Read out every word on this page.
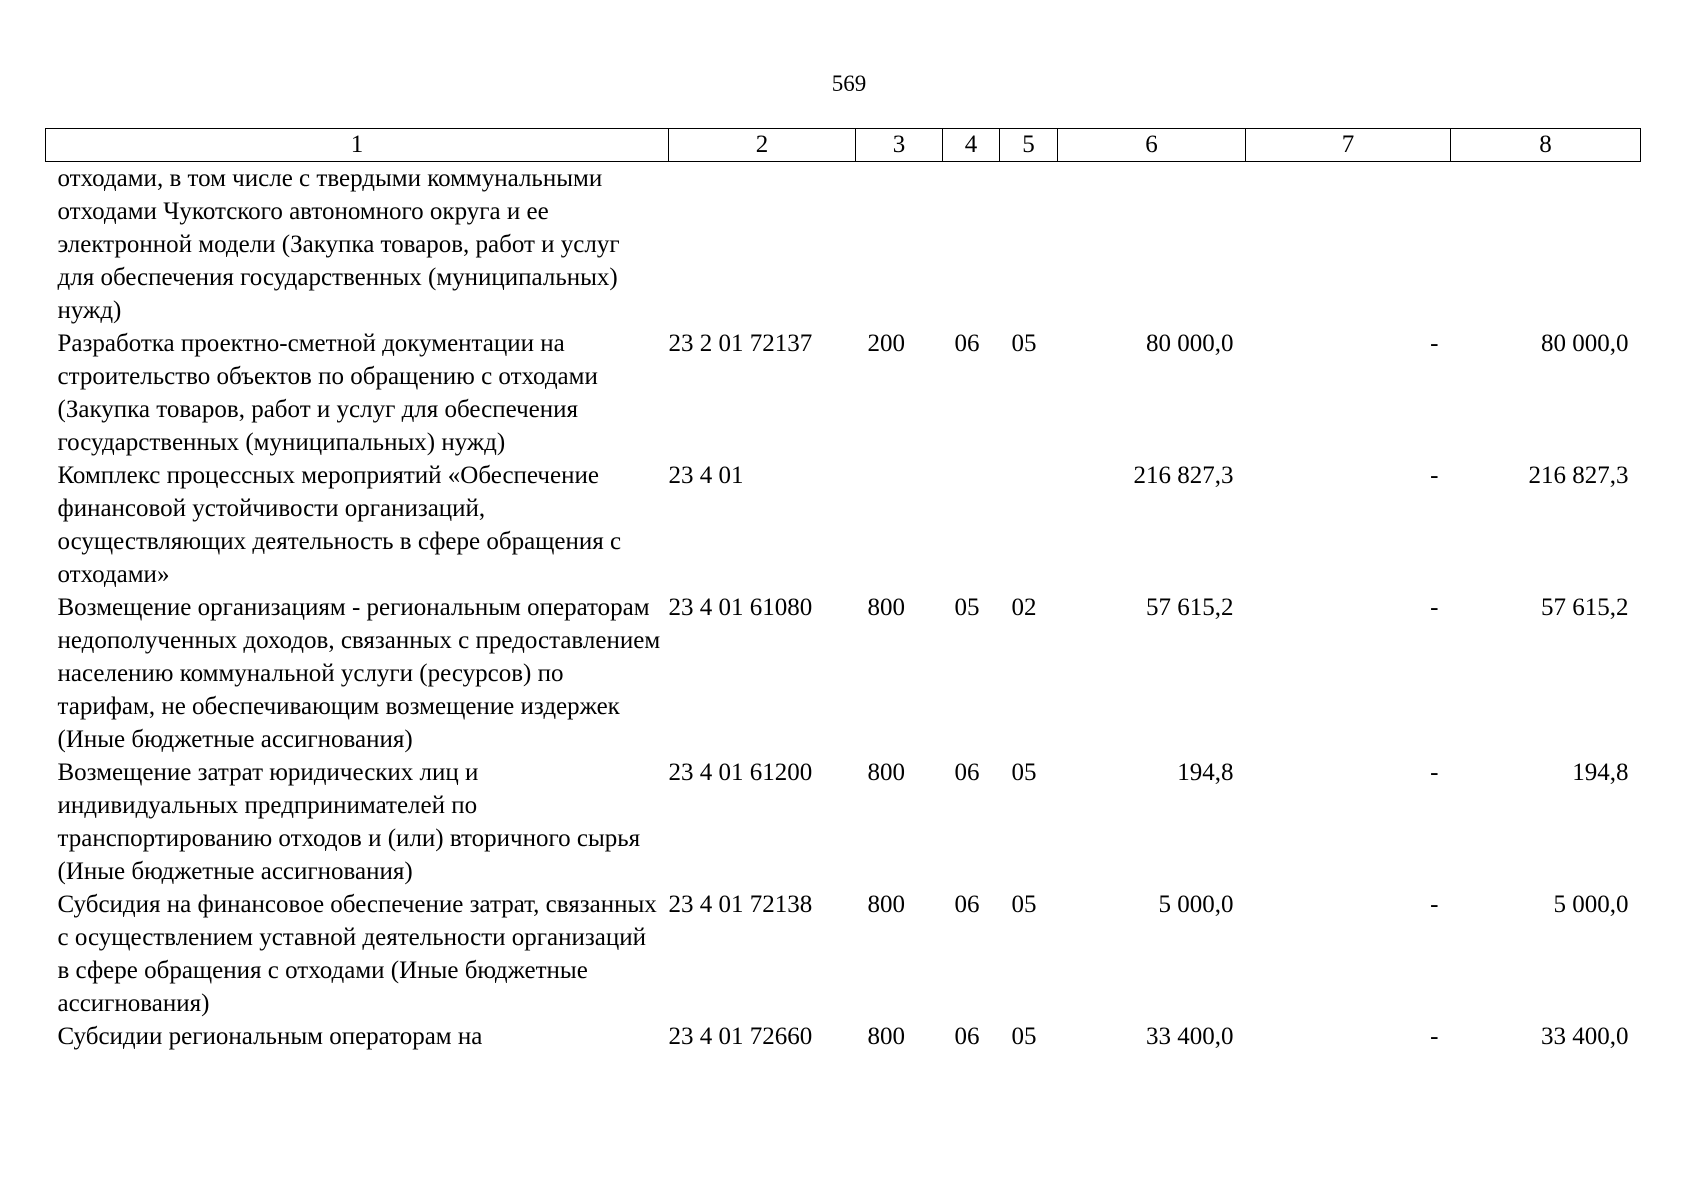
569
1	2	3	4	5	6	7	8
отходами, в том числе с твердыми коммунальными отходами Чукотского автономного округа и ее электронной модели (Закупка товаров, работ и услуг для обеспечения государственных (муниципальных) нужд)							
Разработка проектно-сметной документации на строительство объектов по обращению с отходами (Закупка товаров, работ и услуг для обеспечения государственных (муниципальных) нужд)	23 2 01 72137	200	06	05	80 000,0	-	80 000,0
Комплекс процессных мероприятий «Обеспечение финансовой устойчивости организаций, осуществляющих деятельность в сфере обращения с отходами»	23 4 01				216 827,3	-	216 827,3
Возмещение организациям - региональным операторам недополученных доходов, связанных с предоставлением населению коммунальной услуги (ресурсов) по тарифам, не обеспечивающим возмещение издержек (Иные бюджетные ассигнования)	23 4 01 61080	800	05	02	57 615,2	-	57 615,2
Возмещение затрат юридических лиц и индивидуальных предпринимателей по транспортированию отходов и (или) вторичного сырья (Иные бюджетные ассигнования)	23 4 01 61200	800	06	05	194,8	-	194,8
Субсидия на финансовое обеспечение затрат, связанных с осуществлением уставной деятельности организаций в сфере обращения с отходами (Иные бюджетные ассигнования)	23 4 01 72138	800	06	05	5 000,0	-	5 000,0
Субсидии региональным операторам на	23 4 01 72660	800	06	05	33 400,0	-	33 400,0
